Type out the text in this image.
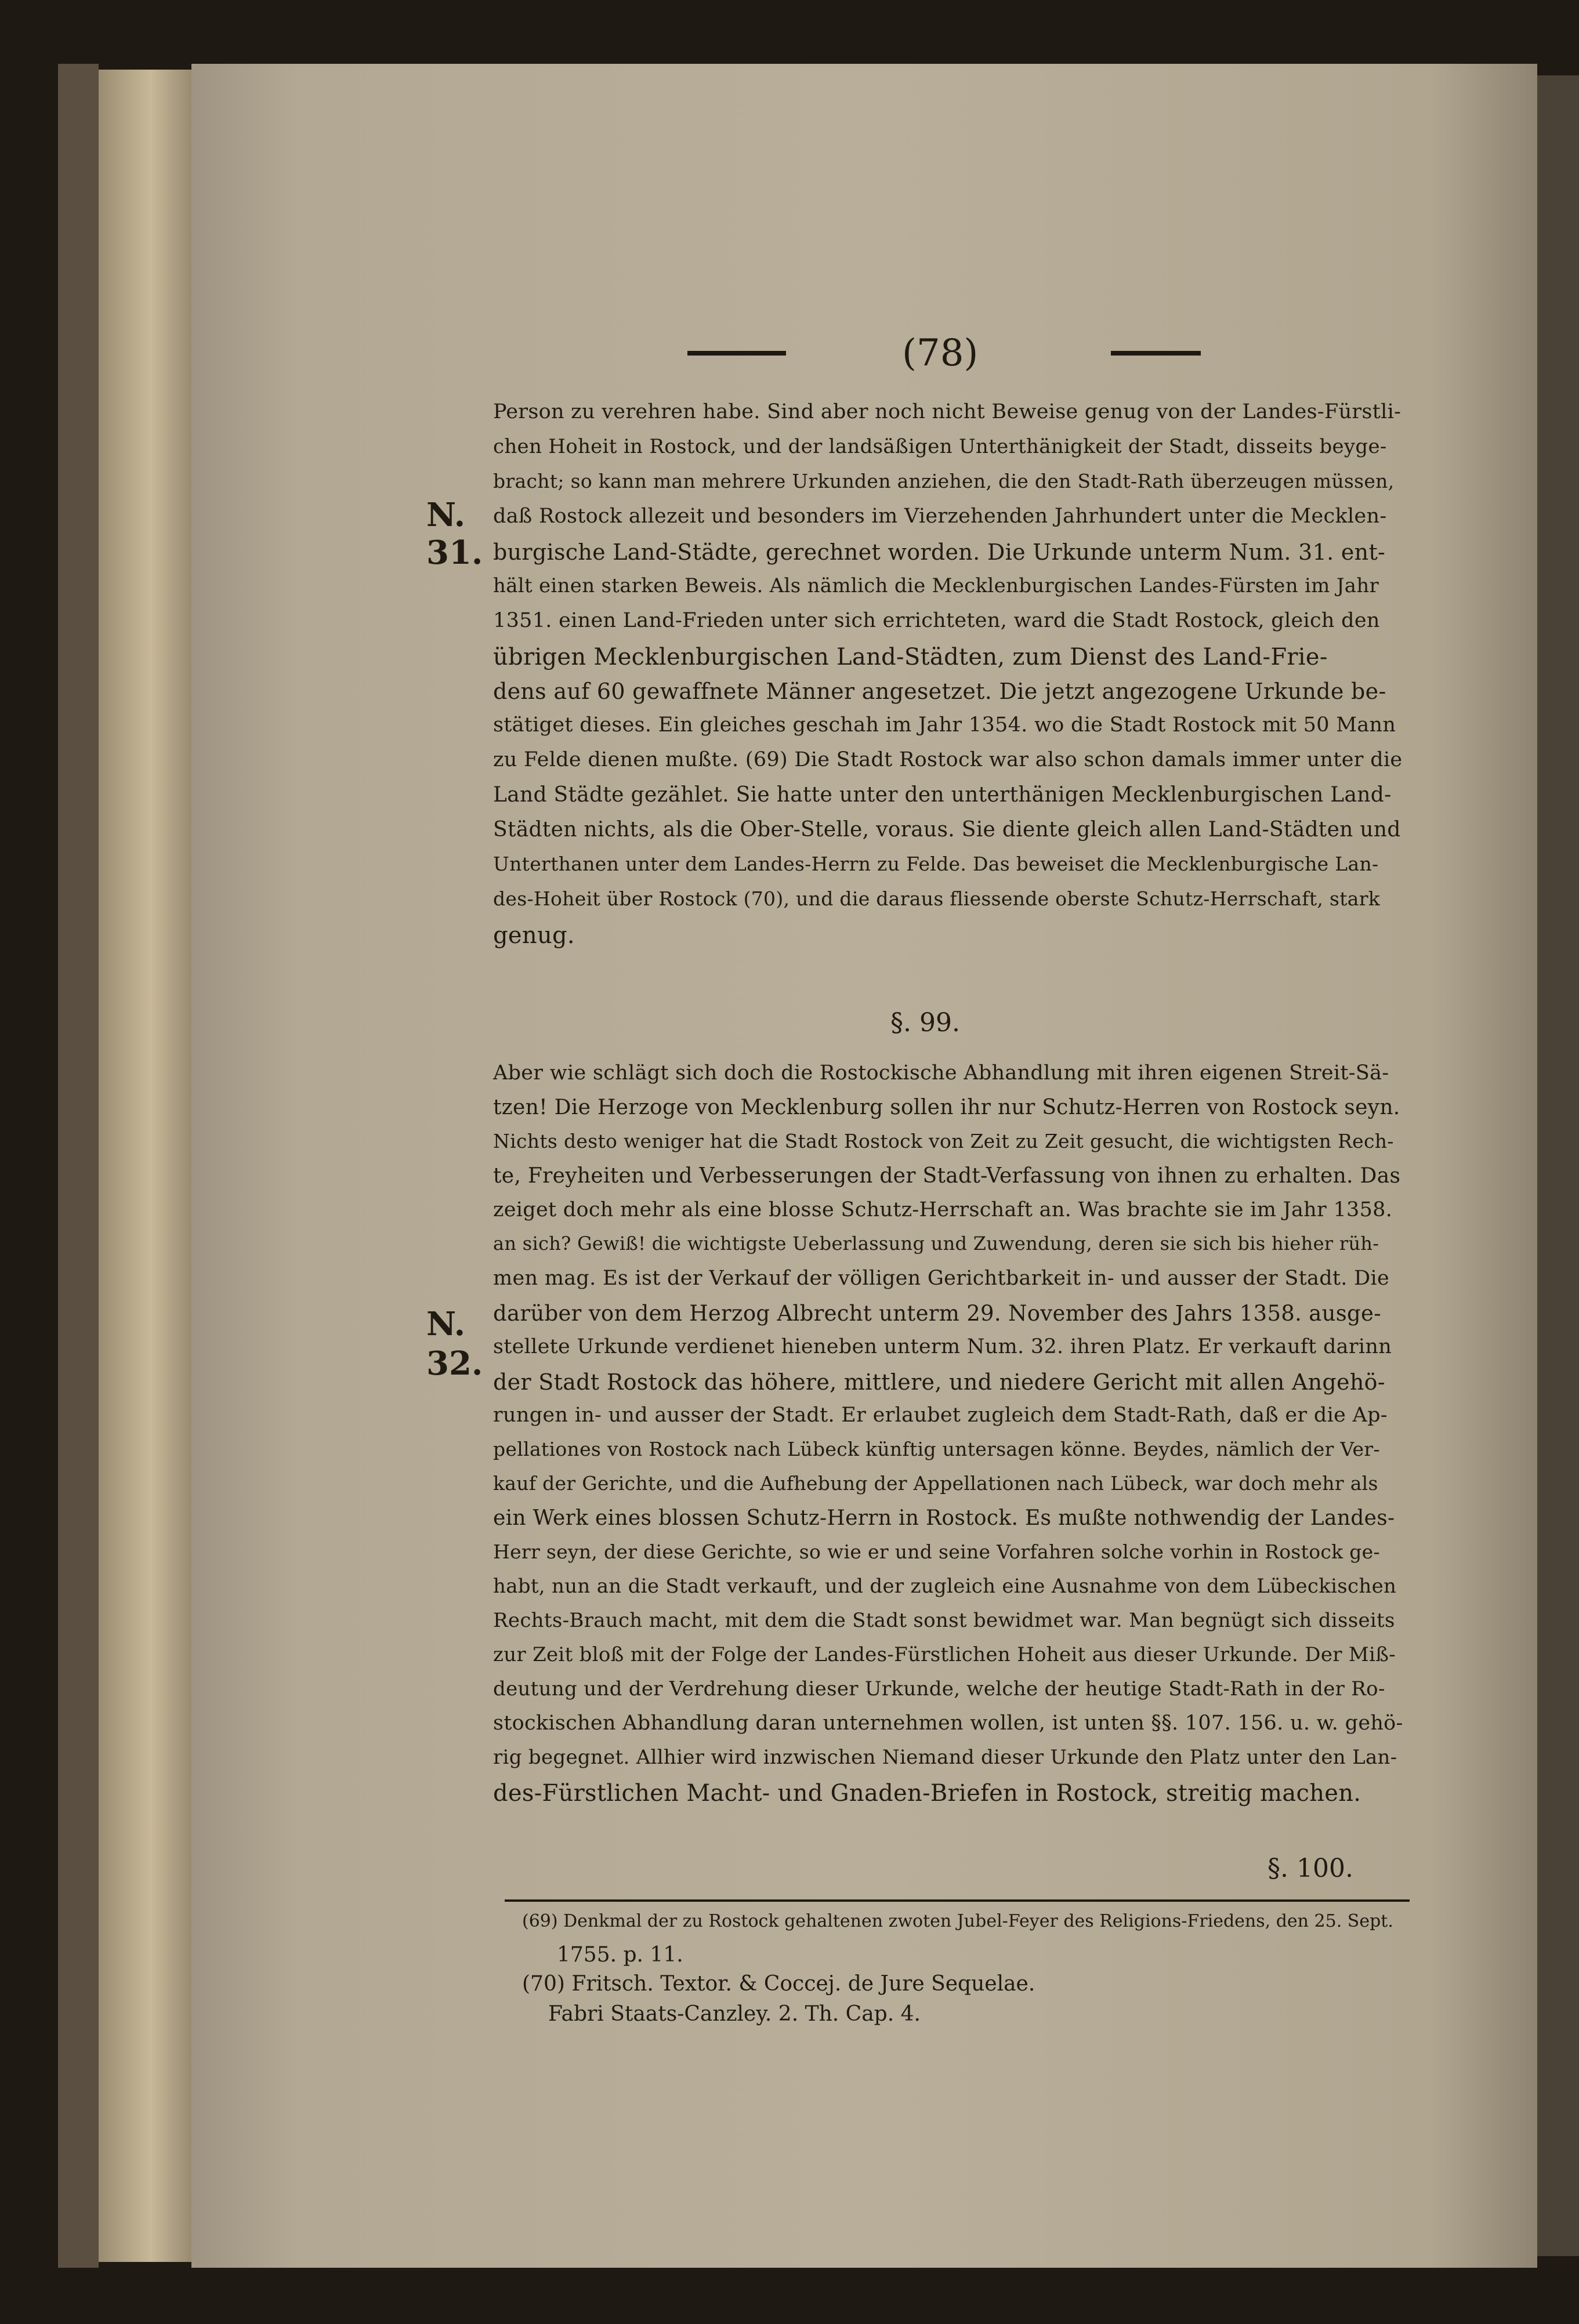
(78)
N.
31.
N.
32.
Person zu verehren habe. Sind aber noch nicht Beweise genug von der Landes-Fürstli-
chen Hoheit in Rostock, und der landsäßigen Unterthänigkeit der Stadt, disseits beyge-
bracht; so kann man mehrere Urkunden anziehen, die den Stadt-Rath überzeugen müssen,
daß Rostock allezeit und besonders im Vierzehenden Jahrhundert unter die Mecklen-
burgische Land-Städte, gerechnet worden. Die Urkunde unterm Num. 31. ent-
hält einen starken Beweis. Als nämlich die Mecklenburgischen Landes-Fürsten im Jahr
1351. einen Land-Frieden unter sich errichteten, ward die Stadt Rostock, gleich den
übrigen Mecklenburgischen Land-Städten, zum Dienst des Land-Frie-
dens auf 60 gewaffnete Männer angesetzet. Die jetzt angezogene Urkunde be-
stätiget dieses. Ein gleiches geschah im Jahr 1354. wo die Stadt Rostock mit 50 Mann
zu Felde dienen mußte. (69) Die Stadt Rostock war also schon damals immer unter die
Land Städte gezählet. Sie hatte unter den unterthänigen Mecklenburgischen Land-
Städten nichts, als die Ober-Stelle, voraus. Sie diente gleich allen Land-Städten und
Unterthanen unter dem Landes-Herrn zu Felde. Das beweiset die Mecklenburgische Lan-
des-Hoheit über Rostock (70), und die daraus fliessende oberste Schutz-Herrschaft, stark
genug.
§. 99.
Aber wie schlägt sich doch die Rostockische Abhandlung mit ihren eigenen Streit-Sä-
tzen! Die Herzoge von Mecklenburg sollen ihr nur Schutz-Herren von Rostock seyn.
Nichts desto weniger hat die Stadt Rostock von Zeit zu Zeit gesucht, die wichtigsten Rech-
te, Freyheiten und Verbesserungen der Stadt-Verfassung von ihnen zu erhalten. Das
zeiget doch mehr als eine blosse Schutz-Herrschaft an. Was brachte sie im Jahr 1358.
an sich? Gewiß! die wichtigste Ueberlassung und Zuwendung, deren sie sich bis hieher rüh-
men mag. Es ist der Verkauf der völligen Gerichtbarkeit in- und ausser der Stadt. Die
darüber von dem Herzog Albrecht unterm 29. November des Jahrs 1358. ausge-
stellete Urkunde verdienet hieneben unterm Num. 32. ihren Platz. Er verkauft darinn
der Stadt Rostock das höhere, mittlere, und niedere Gericht mit allen Angehö-
rungen in- und ausser der Stadt. Er erlaubet zugleich dem Stadt-Rath, daß er die Ap-
pellationes von Rostock nach Lübeck künftig untersagen könne. Beydes, nämlich der Ver-
kauf der Gerichte, und die Aufhebung der Appellationen nach Lübeck, war doch mehr als
ein Werk eines blossen Schutz-Herrn in Rostock. Es mußte nothwendig der Landes-
Herr seyn, der diese Gerichte, so wie er und seine Vorfahren solche vorhin in Rostock ge-
habt, nun an die Stadt verkauft, und der zugleich eine Ausnahme von dem Lübeckischen
Rechts-Brauch macht, mit dem die Stadt sonst bewidmet war. Man begnügt sich disseits
zur Zeit bloß mit der Folge der Landes-Fürstlichen Hoheit aus dieser Urkunde. Der Miß-
deutung und der Verdrehung dieser Urkunde, welche der heutige Stadt-Rath in der Ro-
stockischen Abhandlung daran unternehmen wollen, ist unten §§. 107. 156. u. w. gehö-
rig begegnet. Allhier wird inzwischen Niemand dieser Urkunde den Platz unter den Lan-
des-Fürstlichen Macht- und Gnaden-Briefen in Rostock, streitig machen.
§. 100.
(69) Denkmal der zu Rostock gehaltenen zwoten Jubel-Feyer des Religions-Friedens, den 25. Sept.
1755. p. 11.
(70) Fritsch. Textor. & Coccej. de Jure Sequelae.
Fabri Staats-Canzley. 2. Th. Cap. 4.
